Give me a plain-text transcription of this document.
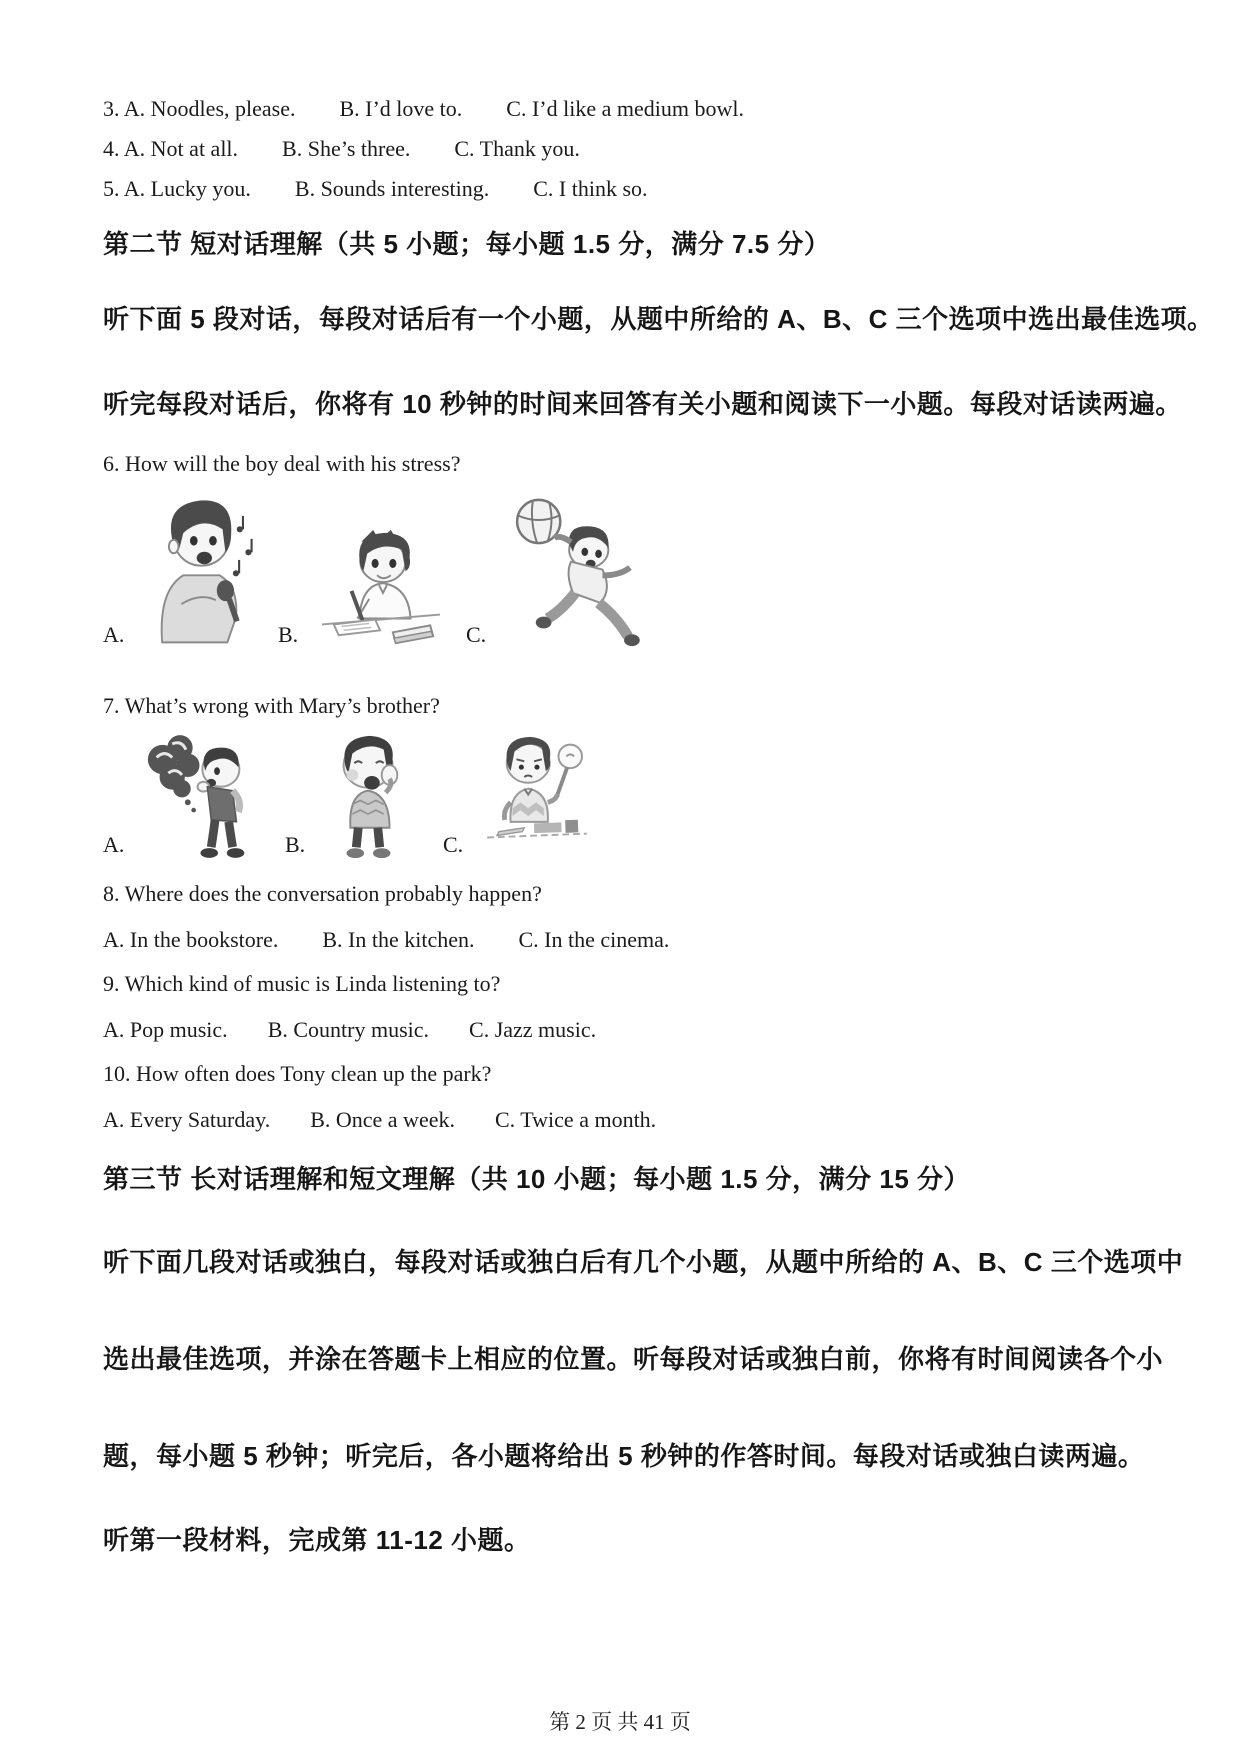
3. A. Noodles, please. B. I’d love to. C. I’d like a medium bowl.
4. A. Not at all. B. She’s three. C. Thank you.
5. A. Lucky you. B. Sounds interesting. C. I think so.
第二节 短对话理解（共 5 小题；每小题 1.5 分，满分 7.5 分）
听下面 5 段对话，每段对话后有一个小题，从题中所给的 A、B、C 三个选项中选出最佳选项。
听完每段对话后，你将有 10 秒钟的时间来回答有关小题和阅读下一小题。每段对话读两遍。
6. How will the boy deal with his stress?
A.	B.	C.
7. What’s wrong with Mary’s brother?
A.	B.	C.
8. Where does the conversation probably happen?
A. In the bookstore. B. In the kitchen. C. In the cinema.
9. Which kind of music is Linda listening to?
A. Pop music. B. Country music. C. Jazz music.
10. How often does Tony clean up the park?
A. Every Saturday. B. Once a week. C. Twice a month.
第三节 长对话理解和短文理解（共 10 小题；每小题 1.5 分，满分 15 分）
听下面几段对话或独白，每段对话或独白后有几个小题，从题中所给的 A、B、C 三个选项中
选出最佳选项，并涂在答题卡上相应的位置。听每段对话或独白前，你将有时间阅读各个小
题，每小题 5 秒钟；听完后，各小题将给出 5 秒钟的作答时间。每段对话或独白读两遍。
听第一段材料，完成第 11-12 小题。
第 2 页 共 41 页
